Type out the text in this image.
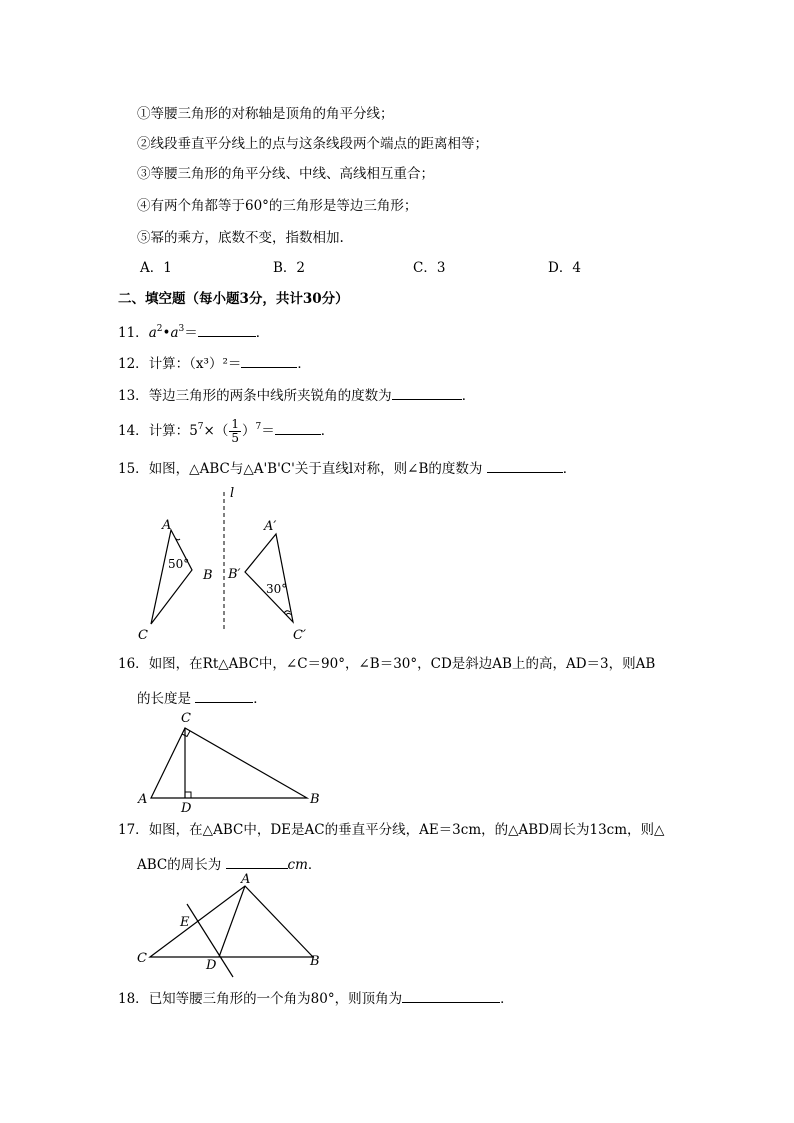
①等腰三角形的对称轴是顶角的角平分线；
②线段垂直平分线上的点与这条线段两个端点的距离相等；
③等腰三角形的角平分线、中线、高线相互重合；
④有两个角都等于60°的三角形是等边三角形；
⑤幂的乘方，底数不变，指数相加.
A．1	B．2	C．3	D．4
二、填空题（每小题3分，共计30分）
11．$a^2•a^3=$	．
12．计算：（x³）²＝	．
13．等边三角形的两条中线所夹锐角的度数为	．
14．计算：$5^7\times( \frac{1}{5} )^7=$	．
15．如图，△ABC与△A'B'C'关于直线l对称，则∠B的度数为	．
l
A
B
C
50°
A′
B′
C′
30°
16．如图，在Rt△ABC中，∠C＝90°，∠B＝30°，CD是斜边AB上的高，AD＝3，则AB
的长度是	．
C
A
D
B
17．如图，在△ABC中，DE是AC的垂直平分线，AE＝3cm，的△ABD周长为13cm，则△
ABC的周长为	cm．
A
E
C	D	B
18．已知等腰三角形的一个角为80°，则顶角为	．
